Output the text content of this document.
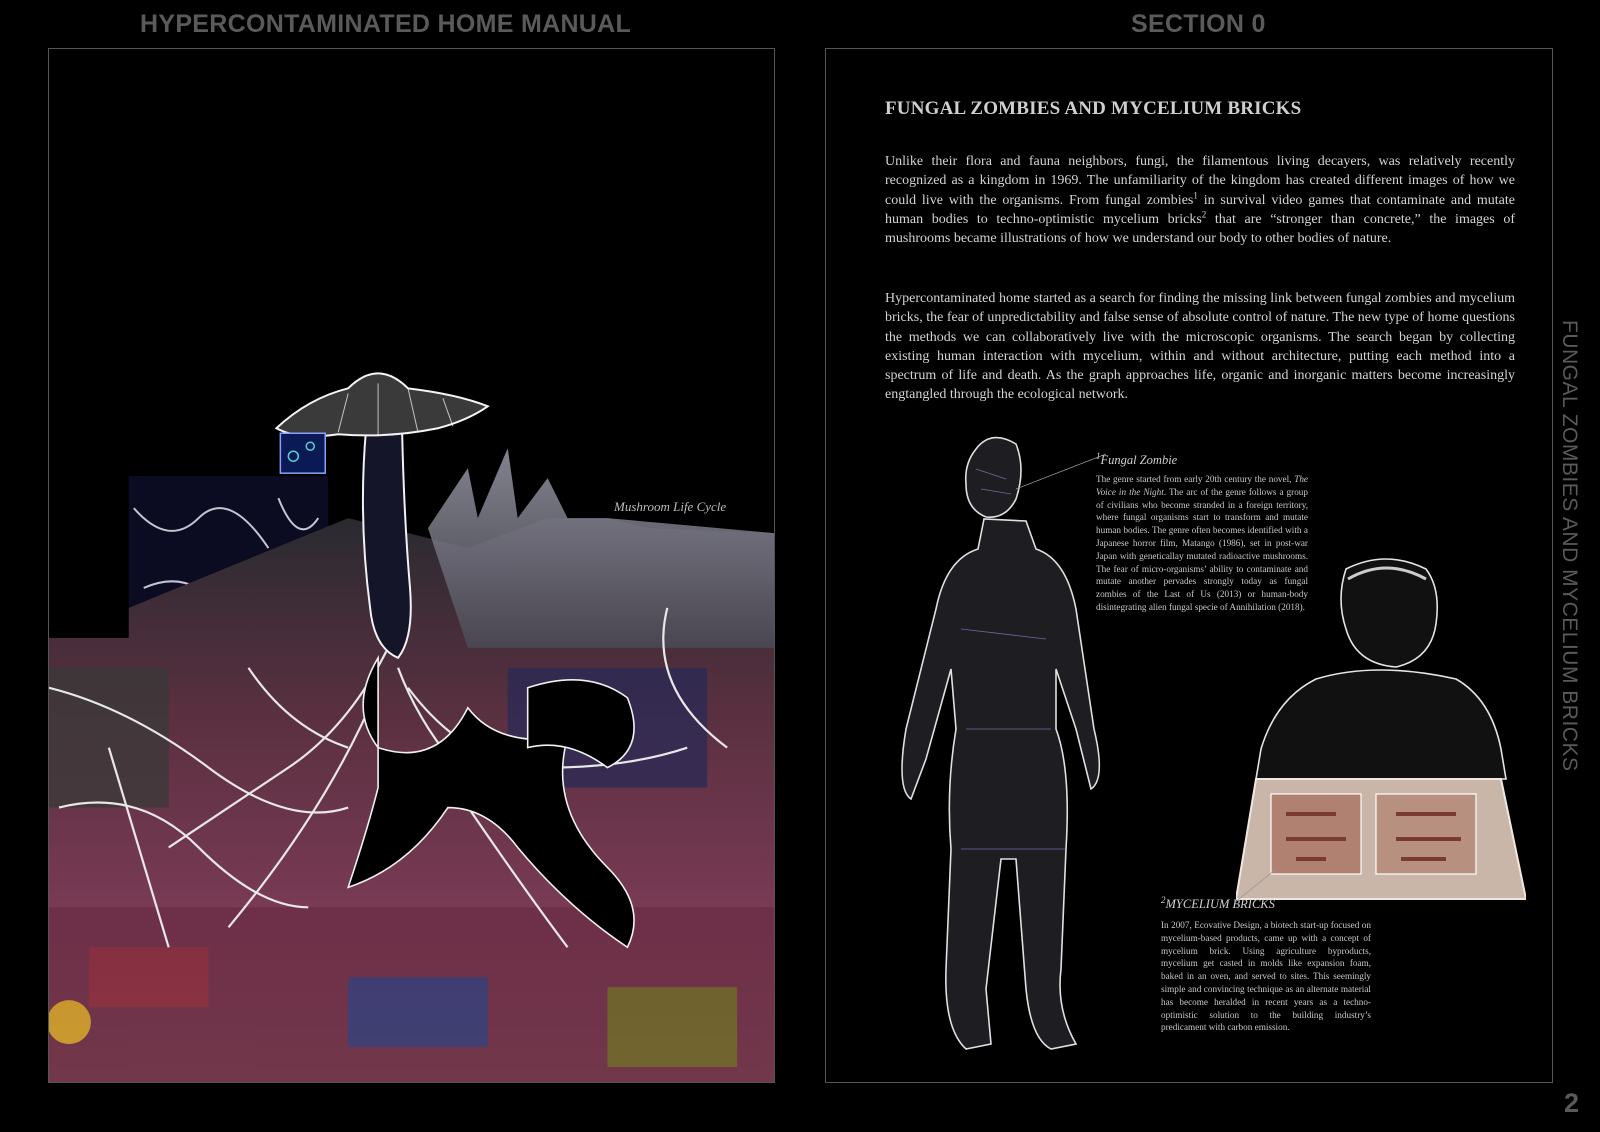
HYPERCONTAMINATED HOME MANUAL	SECTION 0
Mushroom Life Cycle
FUNGAL ZOMBIES AND MYCELIUM BRICKS

Unlike their flora and fauna neighbors, fungi, the filamentous living decayers, was relatively recently recognized as a kingdom in 1969. The unfamiliarity of the kingdom has created different images of how we could live with the organisms. From fungal zombies$^1$ in survival video games that contaminate and mutate human bodies to techno-optimistic mycelium bricks$^2$ that are “stronger than concrete,” the images of mushrooms became illustrations of how we understand our body to other bodies of nature.

Hypercontaminated home started as a search for finding the missing link between fungal zombies and mycelium bricks, the fear of unpredictability and false sense of absolute control of nature. The new type of home questions the methods we can collaboratively live with the microscopic organisms. The search began by collecting existing human interaction with mycelium, within and without architecture, putting each method into a spectrum of life and death. As the graph approaches life, organic and inorganic matters become increasingly engtangled through the ecological network.

$^1$Fungal Zombie

The genre started from early 20th century the novel, The Voice in the Night. The arc of the genre follows a group of civilians who become stranded in a foreign territory, where fungal organisms start to transform and mutate human bodies. The genre often becomes identified with a Japanese horror film, Matango (1986), set in post-war Japan with geneticallay mutated radioactive mushrooms. The fear of micro-organisms’ ability to contaminate and mutate another pervades strongly today as fungal zombies of the Last of Us (2013) or human-body disintegrating alien fungal specie of Annihilation (2018).

$^2$MYCELIUM BRICKS

In 2007, Ecovative Design, a biotech start-up focused on mycelium-based products, came up with a concept of mycelium brick. Using agriculture byproducts, mycelium get casted in molds like expansion foam, baked in an oven, and served to sites. This seemingly simple and convincing technique as an alternate material has become heralded in recent years as a techno-optimistic solution to the building industry’s predicament with carbon emission.

FUNGAL ZOMBIES AND MYCELIUM BRICKS
2
